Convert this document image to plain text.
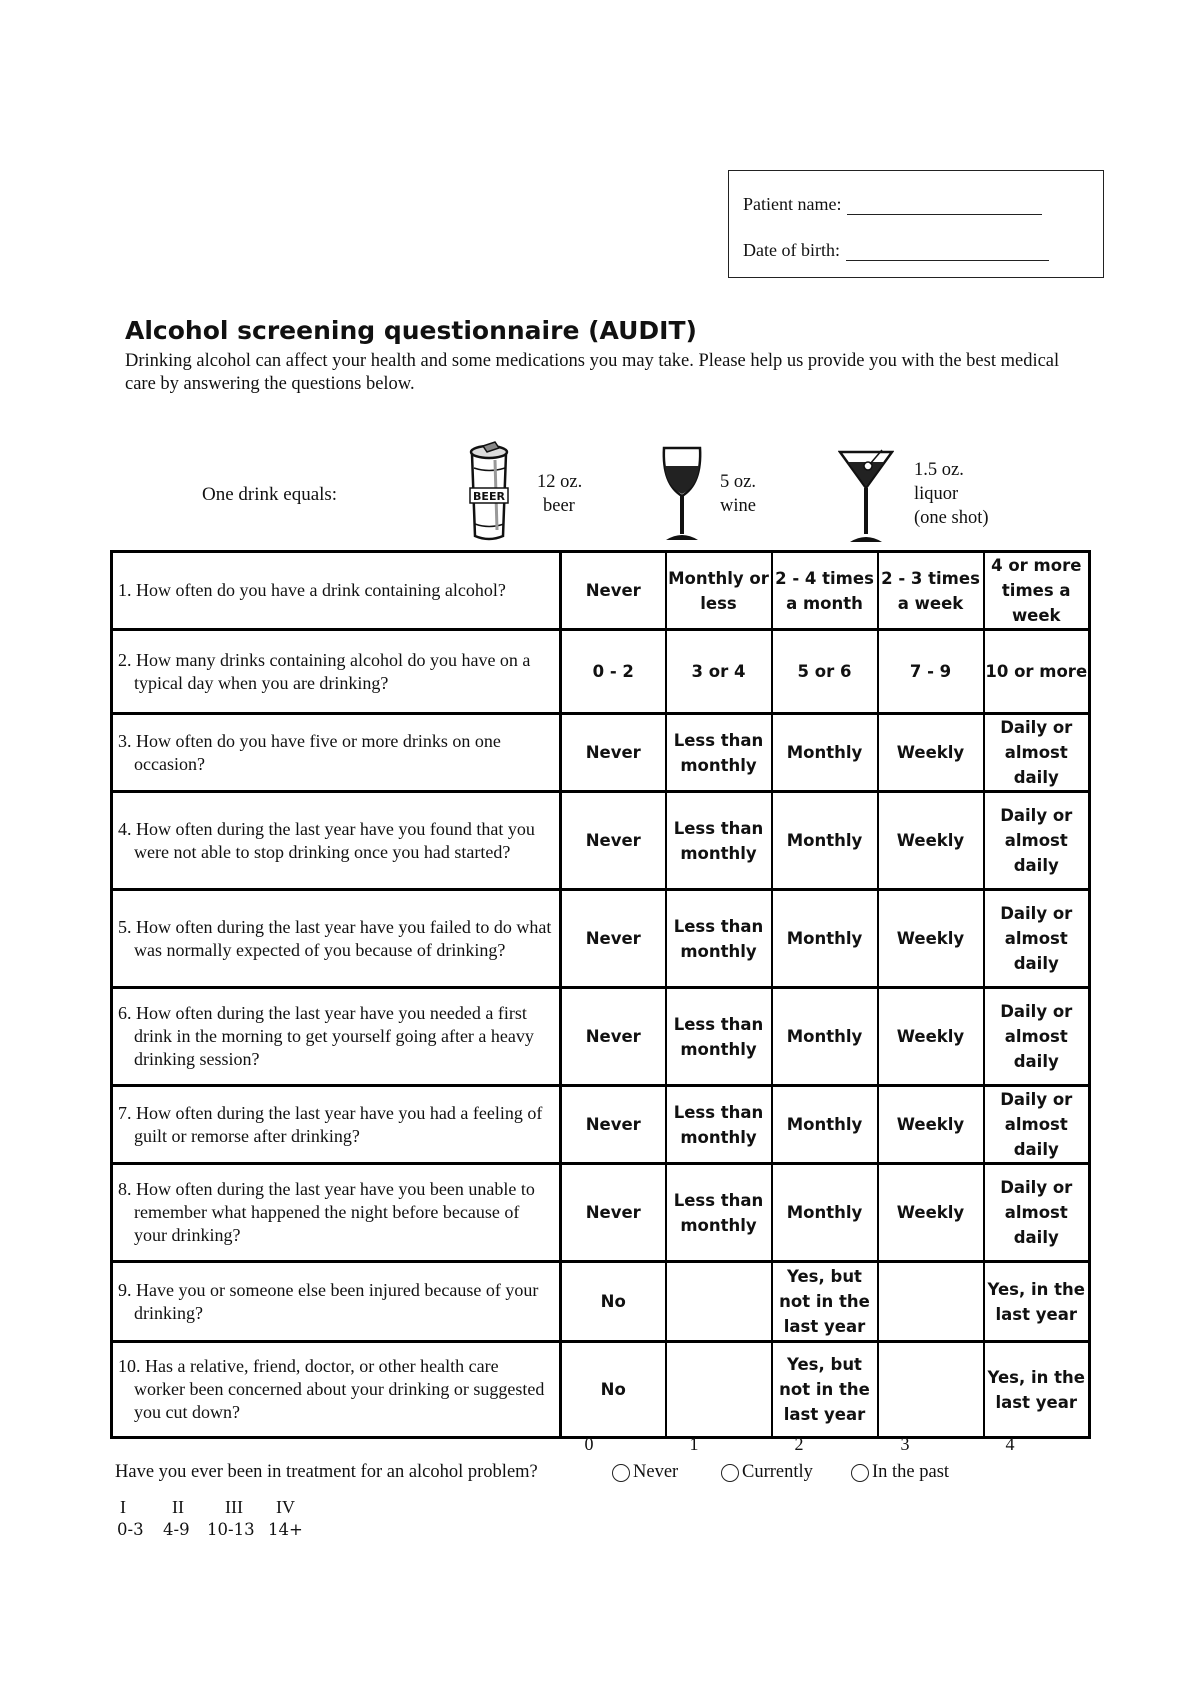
Patient name:
Date of birth:
Alcohol screening questionnaire (AUDIT)

Drinking alcohol can affect your health and some medications you may take. Please help us provide you with the best medical care by answering the questions below.

One drink equals:	BEER
12 oz.
beer
5 oz.
wine
1.5 oz.
liquor
(one shot)
1. How often do you have a drink containing alcohol?	Never	Monthly or less	2 - 4 times a month	2 - 3 times a week	4 or more times a week

2. How many drinks containing alcohol do you have on a typical day when you are drinking?	0 - 2	3 or 4	5 or 6	7 - 9	10 or more

3. How often do you have five or more drinks on one occasion?	Never	Less than monthly	Monthly	Weekly	Daily or almost daily

4. How often during the last year have you found that you were not able to stop drinking once you had started?	Never	Less than monthly	Monthly	Weekly	Daily or almost daily

5. How often during the last year have you failed to do what was normally expected of you because of drinking?	Never	Less than monthly	Monthly	Weekly	Daily or almost daily

6. How often during the last year have you needed a first drink in the morning to get yourself going after a heavy drinking session?	Never	Less than monthly	Monthly	Weekly	Daily or almost daily

7. How often during the last year have you had a feeling of guilt or remorse after drinking?	Never	Less than monthly	Monthly	Weekly	Daily or almost daily

8. How often during the last year have you been unable to remember what happened the night before because of your drinking?	Never	Less than monthly	Monthly	Weekly	Daily or almost daily

9. Have you or someone else been injured because of your drinking?	No		Yes, but not in the last year		Yes, in the last year

10. Has a relative, friend, doctor, or other health care worker been concerned about your drinking or suggested you cut down?	No		Yes, but not in the last year		Yes, in the last year
0	1	2	3	4
Have you ever been in treatment for an alcohol problem?	Never	Currently	In the past
I	II III IV
0-3 4-9 10-13 14+
